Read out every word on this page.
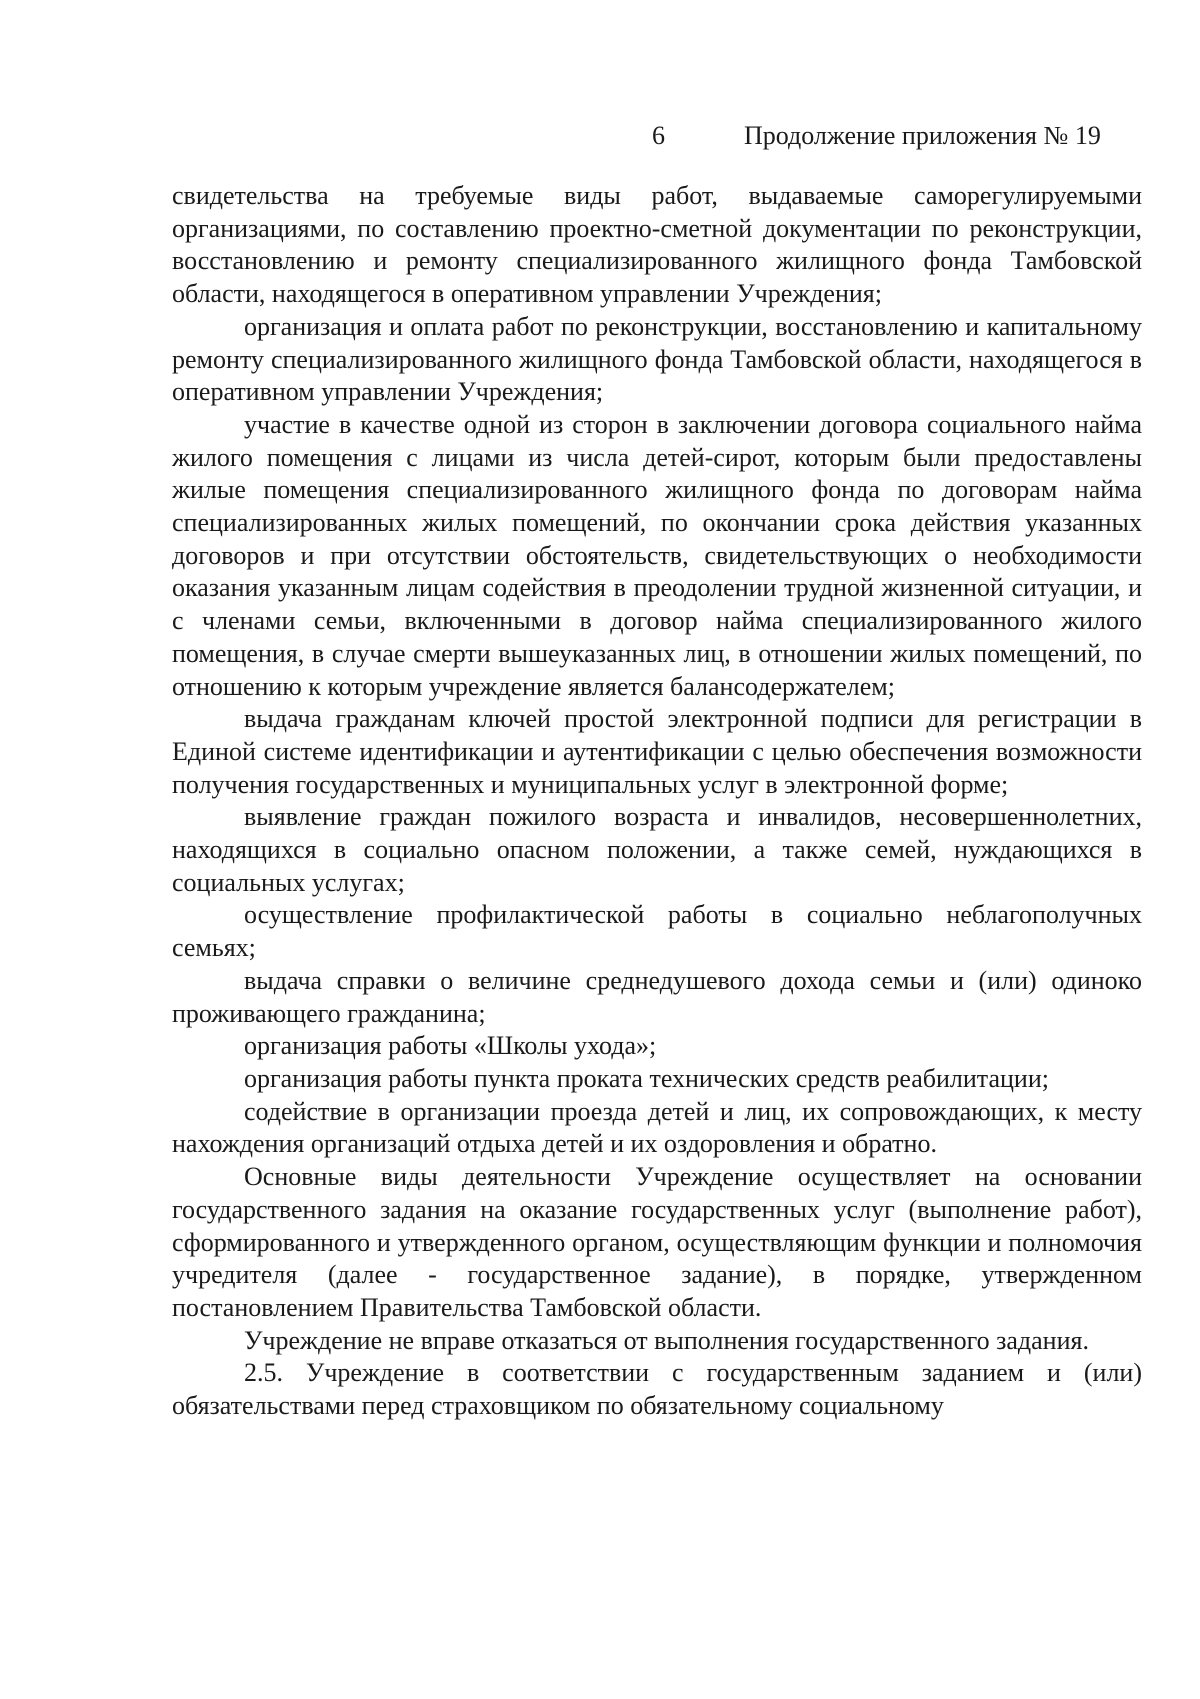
6	Продолжение приложения № 19

свидетельства на требуемые виды работ, выдаваемые саморегулируемыми организациями, по составлению проектно-сметной документации по реконструкции, восстановлению и ремонту специализированного жилищного фонда Тамбовской области, находящегося в оперативном управлении Учреждения;

организация и оплата работ по реконструкции, восстановлению и капитальному ремонту специализированного жилищного фонда Тамбовской области, находящегося в оперативном управлении Учреждения;

участие в качестве одной из сторон в заключении договора социального найма жилого помещения с лицами из числа детей-сирот, которым были предоставлены жилые помещения специализированного жилищного фонда по договорам найма специализированных жилых помещений, по окончании срока действия указанных договоров и при отсутствии обстоятельств, свидетельствующих о необходимости оказания указанным лицам содействия в преодолении трудной жизненной ситуации, и с членами семьи, включенными в договор найма специализированного жилого помещения, в случае смерти вышеуказанных лиц, в отношении жилых помещений, по отношению к которым учреждение является балансодержателем;

выдача гражданам ключей простой электронной подписи для регистрации в Единой системе идентификации и аутентификации с целью обеспечения возможности получения государственных и муниципальных услуг в электронной форме;

выявление граждан пожилого возраста и инвалидов, несовершеннолетних, находящихся в социально опасном положении, а также семей, нуждающихся в социальных услугах;

осуществление профилактической работы в социально неблагополучных семьях;

выдача справки о величине среднедушевого дохода семьи и (или) одиноко проживающего гражданина;

организация работы «Школы ухода»;

организация работы пункта проката технических средств реабилитации;

содействие в организации проезда детей и лиц, их сопровождающих, к месту нахождения организаций отдыха детей и их оздоровления и обратно.

Основные виды деятельности Учреждение осуществляет на основании государственного задания на оказание государственных услуг (выполнение работ), сформированного и утвержденного органом, осуществляющим функции и полномочия учредителя (далее - государственное задание), в порядке, утвержденном постановлением Правительства Тамбовской области.

Учреждение не вправе отказаться от выполнения государственного задания.

2.5. Учреждение в соответствии с государственным заданием и (или) обязательствами перед страховщиком по обязательному социальному
